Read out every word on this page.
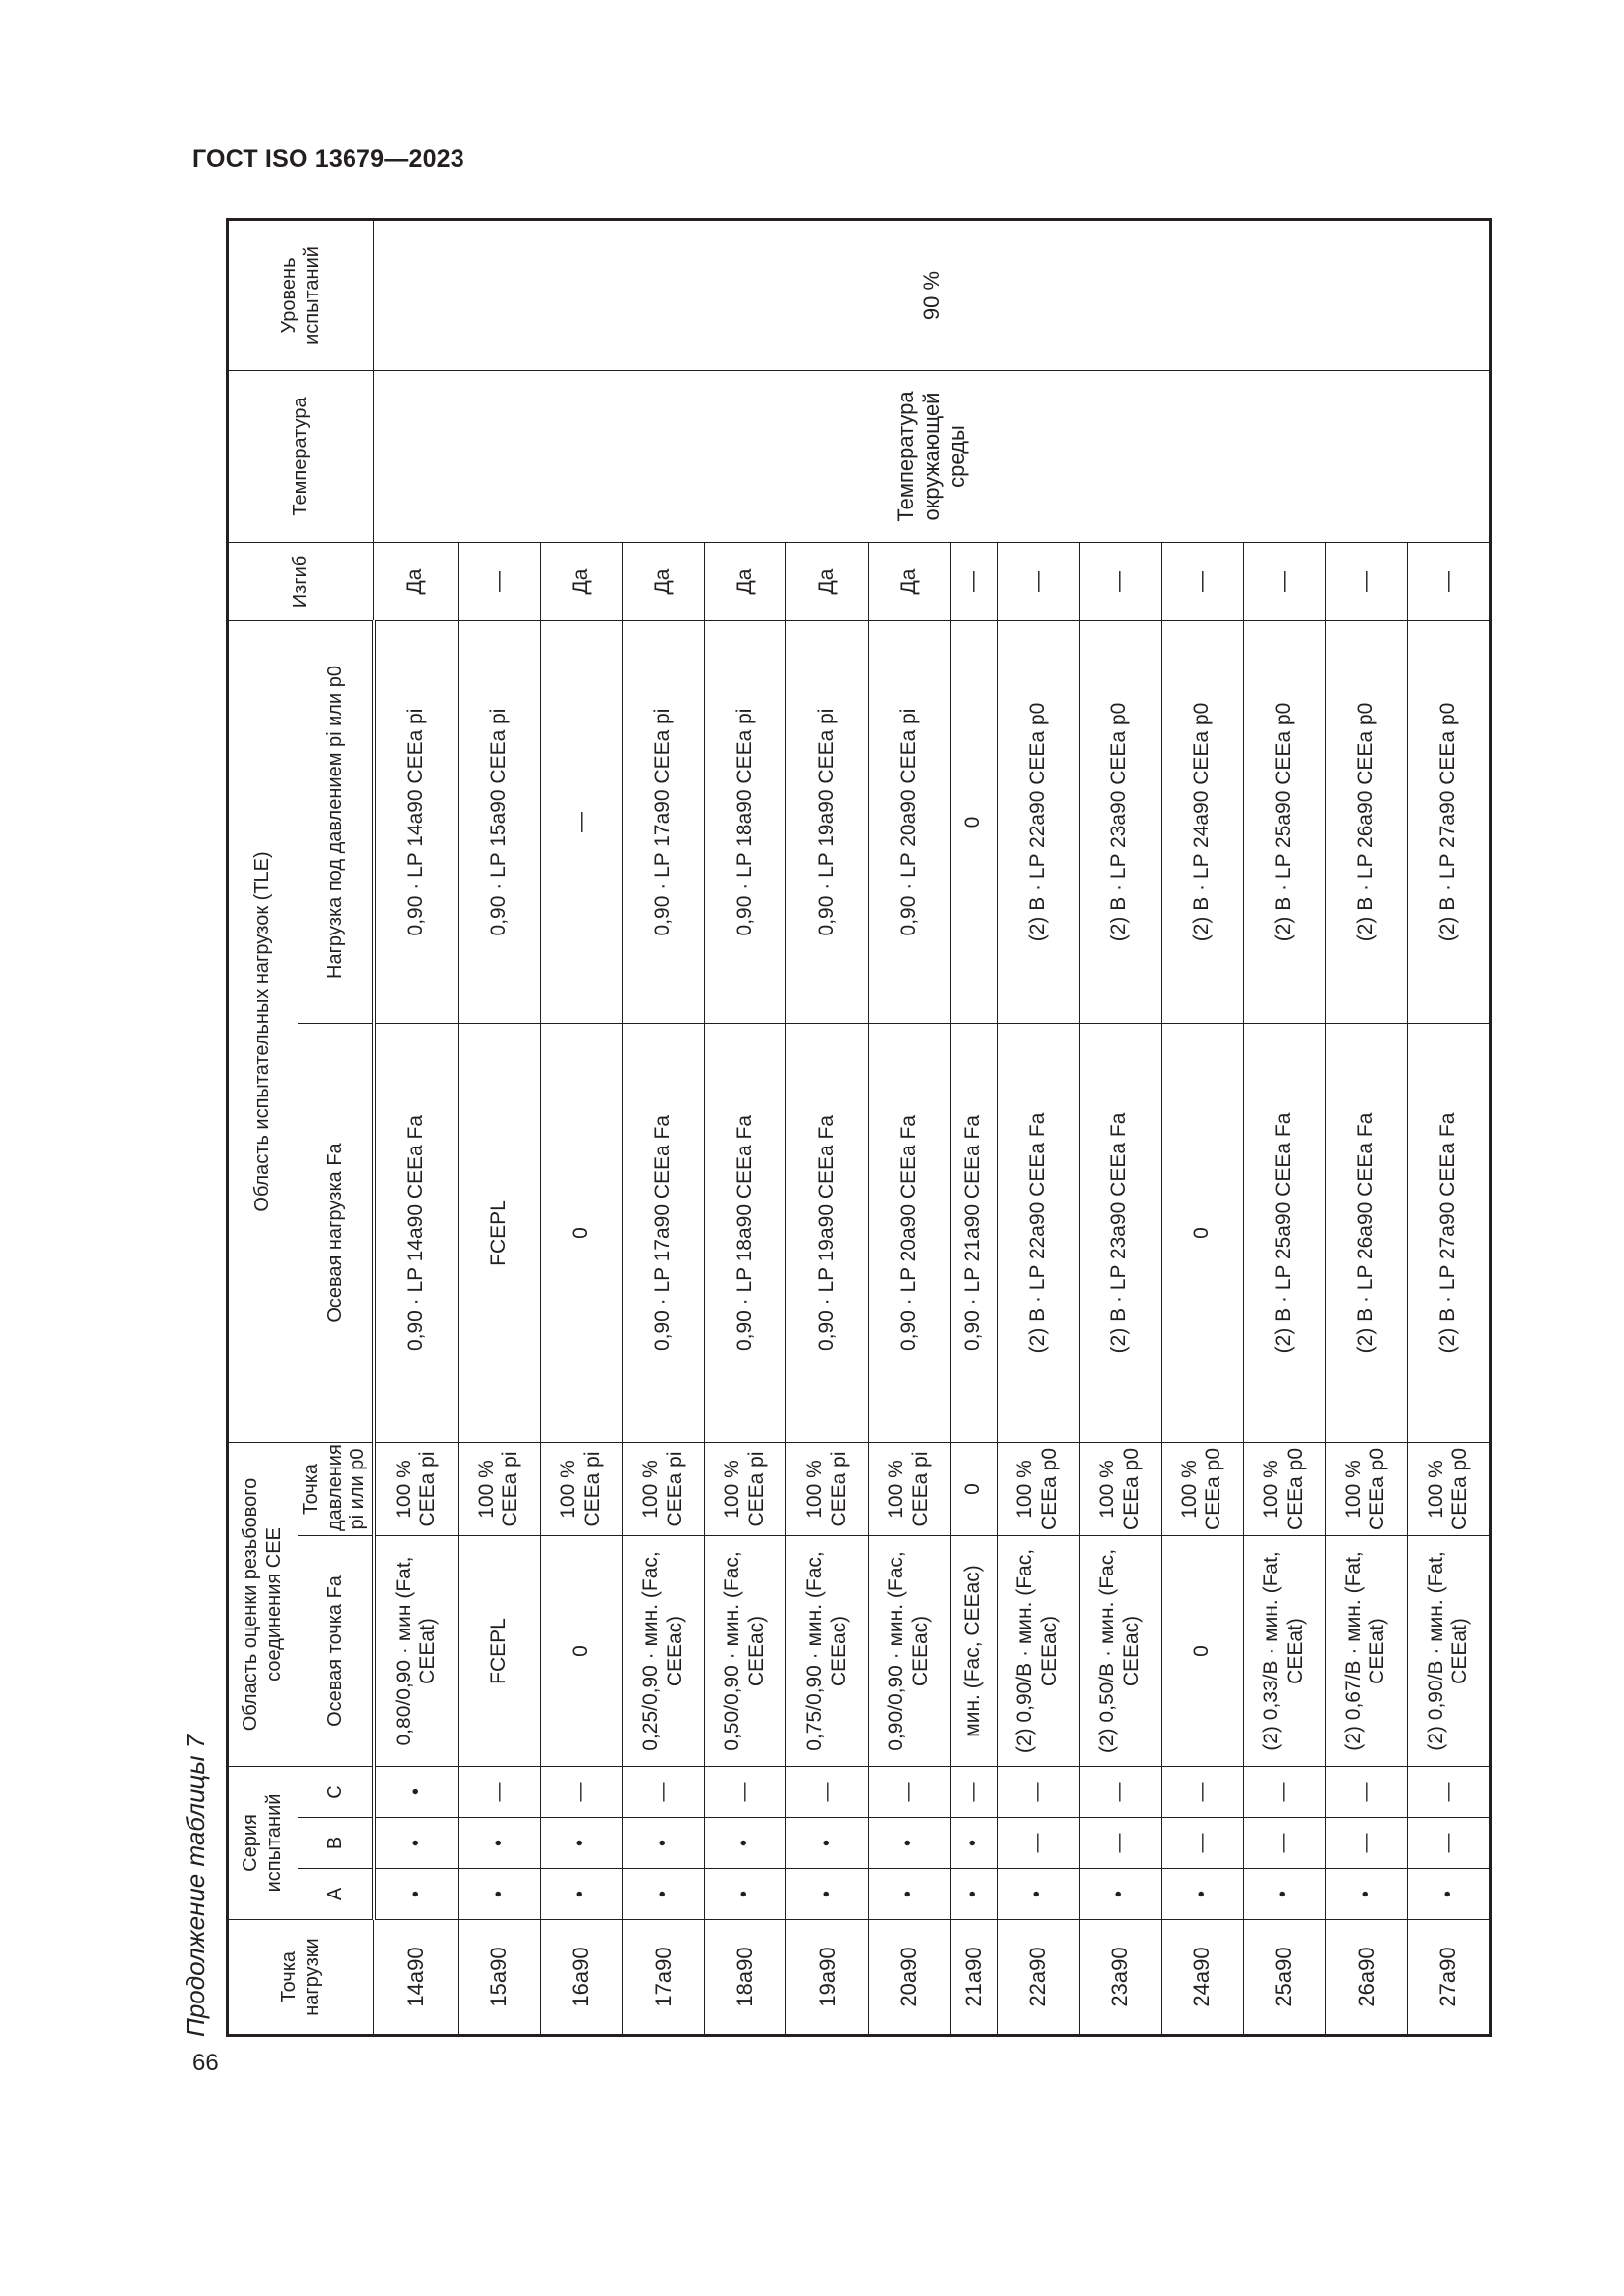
ГОСТ ISO 13679—2023
66
Продолжение таблицы 7	Точка нагрузки	Серия испытаний			Область оценки резьбового соединения CEE		Область испытательных нагрузок (TLE)		Изгиб	Температура	Уровень испытаний
	A	B	C	Осевая точка Fa	Точка давления pi или p0	Осевая нагрузка Fa	Нагрузка под давлением pi или p0			
14a90	•	•	•	0,80/0,90 · мин (Fat, CEEat)	100 % CEEa pi	0,90 · LP 14a90 CEEa Fa	0,90 · LP 14a90 CEEa pi	Да	Температура окружающей среды	90 %
15a90	•	•	—	FCEPL	100 % CEEa pi	FCEPL	0,90 · LP 15a90 CEEa pi	—		
16a90	•	•	—	0	100 % CEEa pi	0	—	Да		
17a90	•	•	—	0,25/0,90 · мин. (Fac, CEEac)	100 % CEEa pi	0,90 · LP 17a90 CEEa Fa	0,90 · LP 17a90 CEEa pi	Да		
18a90	•	•	—	0,50/0,90 · мин. (Fac, CEEac)	100 % CEEa pi	0,90 · LP 18a90 CEEa Fa	0,90 · LP 18a90 CEEa pi	Да		
19a90	•	•	—	0,75/0,90 · мин. (Fac, CEEac)	100 % CEEa pi	0,90 · LP 19a90 CEEa Fa	0,90 · LP 19a90 CEEa pi	Да		
20a90	•	•	—	0,90/0,90 · мин. (Fac, CEEac)	100 % CEEa pi	0,90 · LP 20a90 CEEa Fa	0,90 · LP 20a90 CEEa pi	Да		
21a90	•	•	—	мин. (Fac, CEEac)	0	0,90 · LP 21a90 CEEa Fa	0	—		
22a90	•	—	—	(2) 0,90/B · мин. (Fac, CEEac)	100 % CEEa p0	(2) B · LP 22a90 CEEa Fa	(2) B · LP 22a90 CEEa p0	—		
23a90	•	—	—	(2) 0,50/B · мин. (Fac, CEEac)	100 % CEEa p0	(2) B · LP 23a90 CEEa Fa	(2) B · LP 23a90 CEEa p0	—		
24a90	•	—	—	0	100 % CEEa p0	0	(2) B · LP 24a90 CEEa p0	—		
25a90	•	—	—	(2) 0,33/B · мин. (Fat, CEEat)	100 % CEEa p0	(2) B · LP 25a90 CEEa Fa	(2) B · LP 25a90 CEEa p0	—		
26a90	•	—	—	(2) 0,67/B · мин. (Fat, CEEat)	100 % CEEa p0	(2) B · LP 26a90 CEEa Fa	(2) B · LP 26a90 CEEa p0	—		
27a90	•	—	—	(2) 0,90/B · мин. (Fat, CEEat)	100 % CEEa p0	(2) B · LP 27a90 CEEa Fa	(2) B · LP 27a90 CEEa p0	—		
